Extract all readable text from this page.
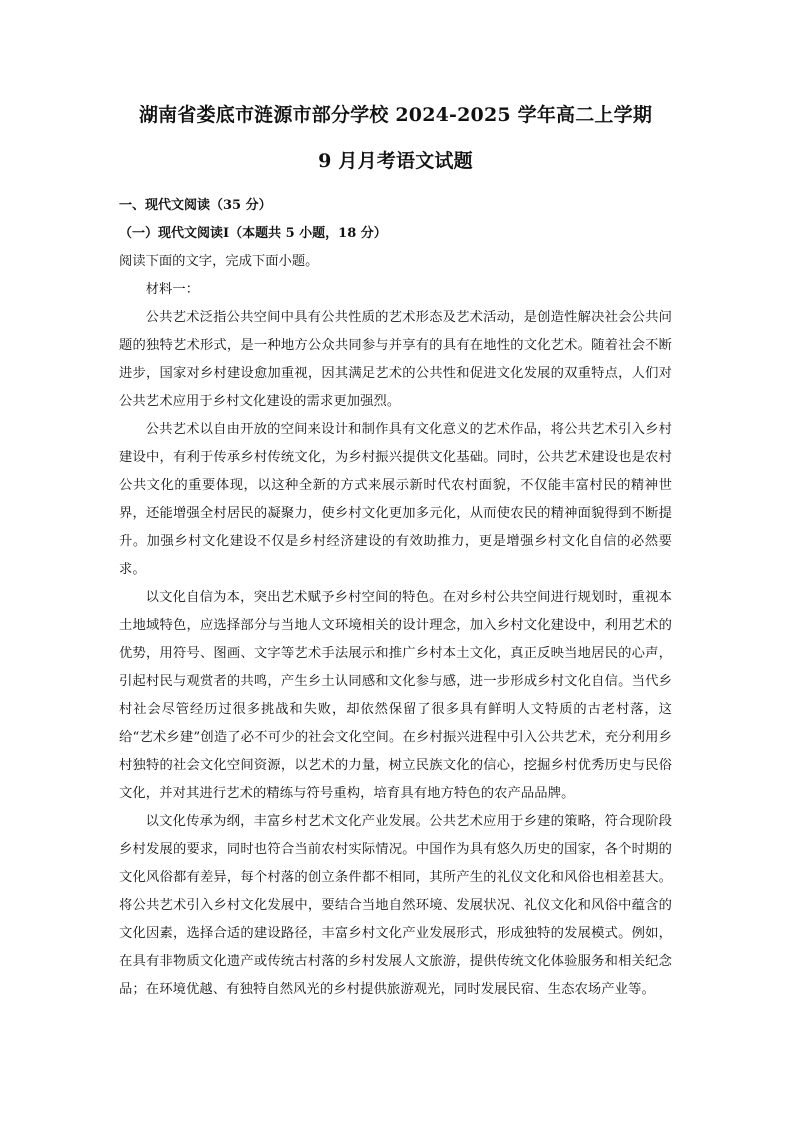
湖南省娄底市涟源市部分学校 2024-2025 学年高二上学期
9 月月考语文试题

一、现代文阅读（35 分）

（一）现代文阅读Ⅰ（本题共 5 小题，18 分）

阅读下面的文字，完成下面小题。

材料一：

公共艺术泛指公共空间中具有公共性质的艺术形态及艺术活动，是创造性解决社会公共问题的独特艺术形式，是一种地方公众共同参与并享有的具有在地性的文化艺术。随着社会不断进步，国家对乡村建设愈加重视，因其满足艺术的公共性和促进文化发展的双重特点，人们对公共艺术应用于乡村文化建设的需求更加强烈。

公共艺术以自由开放的空间来设计和制作具有文化意义的艺术作品，将公共艺术引入乡村建设中，有利于传承乡村传统文化，为乡村振兴提供文化基础。同时，公共艺术建设也是农村公共文化的重要体现，以这种全新的方式来展示新时代农村面貌，不仅能丰富村民的精神世界，还能增强全村居民的凝聚力，使乡村文化更加多元化，从而使农民的精神面貌得到不断提升。加强乡村文化建设不仅是乡村经济建设的有效助推力，更是增强乡村文化自信的必然要求。

以文化自信为本，突出艺术赋予乡村空间的特色。在对乡村公共空间进行规划时，重视本土地域特色，应选择部分与当地人文环境相关的设计理念，加入乡村文化建设中，利用艺术的优势，用符号、图画、文字等艺术手法展示和推广乡村本土文化，真正反映当地居民的心声，引起村民与观赏者的共鸣，产生乡土认同感和文化参与感，进一步形成乡村文化自信。当代乡村社会尽管经历过很多挑战和失败，却依然保留了很多具有鲜明人文特质的古老村落，这给“艺术乡建”创造了必不可少的社会文化空间。在乡村振兴进程中引入公共艺术，充分利用乡村独特的社会文化空间资源，以艺术的力量，树立民族文化的信心，挖掘乡村优秀历史与民俗文化，并对其进行艺术的精练与符号重构，培育具有地方特色的农产品品牌。

以文化传承为纲，丰富乡村艺术文化产业发展。公共艺术应用于乡建的策略，符合现阶段乡村发展的要求，同时也符合当前农村实际情况。中国作为具有悠久历史的国家，各个时期的文化风俗都有差异，每个村落的创立条件都不相同，其所产生的礼仪文化和风俗也相差甚大。将公共艺术引入乡村文化发展中，要结合当地自然环境、发展状况、礼仪文化和风俗中蕴含的文化因素，选择合适的建设路径，丰富乡村文化产业发展形式，形成独特的发展模式。例如，在具有非物质文化遗产或传统古村落的乡村发展人文旅游，提供传统文化体验服务和相关纪念品；在环境优越、有独特自然风光的乡村提供旅游观光，同时发展民宿、生态农场产业等。
